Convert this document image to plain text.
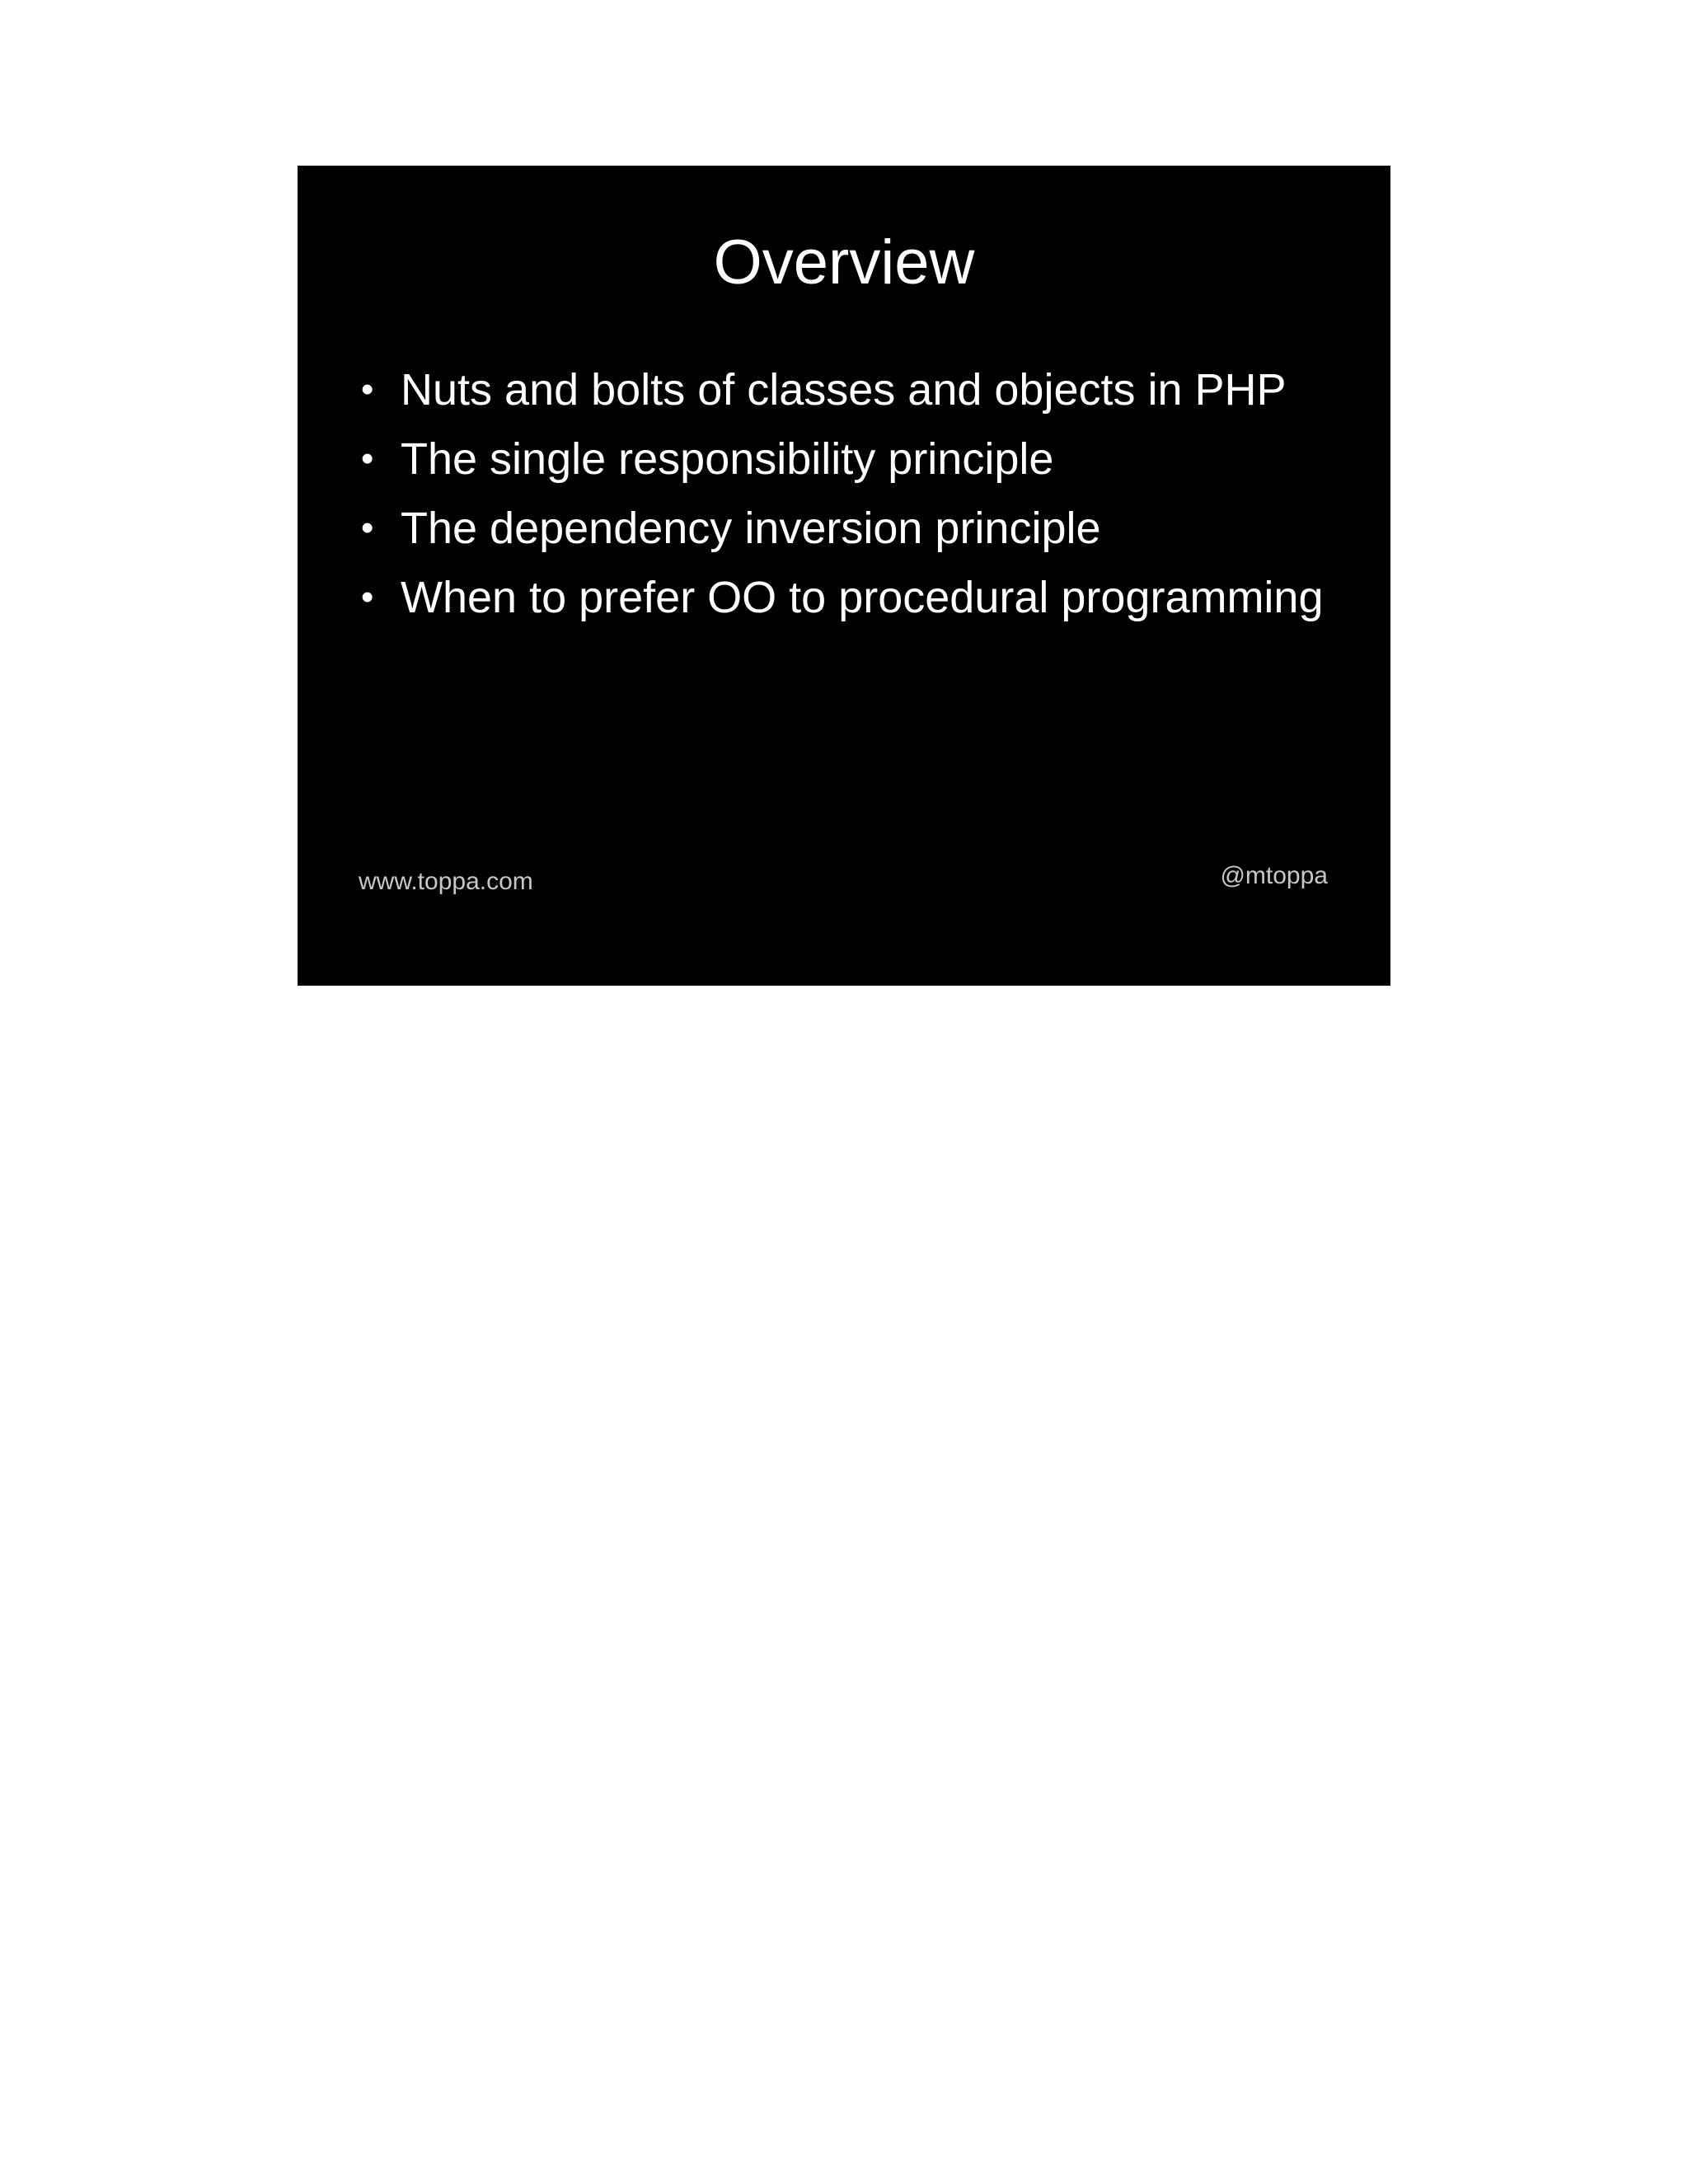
Overview
• Nuts and bolts of classes and objects in PHP
• The single responsibility principle
• The dependency inversion principle
• When to prefer OO to procedural programming
www.toppa.com	@mtoppa
